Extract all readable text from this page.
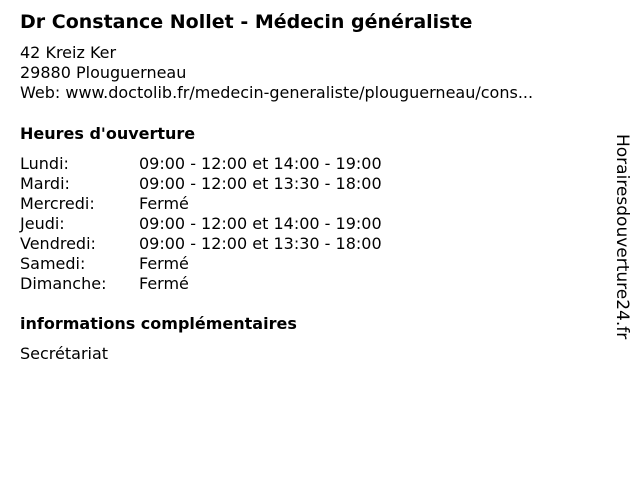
Dr Constance Nollet - Médecin généraliste
42 Kreiz Ker
29880 Plouguerneau
Web: www.doctolib.fr/medecin-generaliste/plouguerneau/cons...
Heures d'ouverture
Lundi:	09:00 - 12:00 et 14:00 - 19:00
Mardi:	09:00 - 12:00 et 13:30 - 18:00
Mercredi:	Fermé
Jeudi:	09:00 - 12:00 et 14:00 - 19:00
Vendredi:	09:00 - 12:00 et 13:30 - 18:00
Samedi:	Fermé
Dimanche: Fermé
informations complémentaires
Secrétariat
Horairesdouverture24.fr
